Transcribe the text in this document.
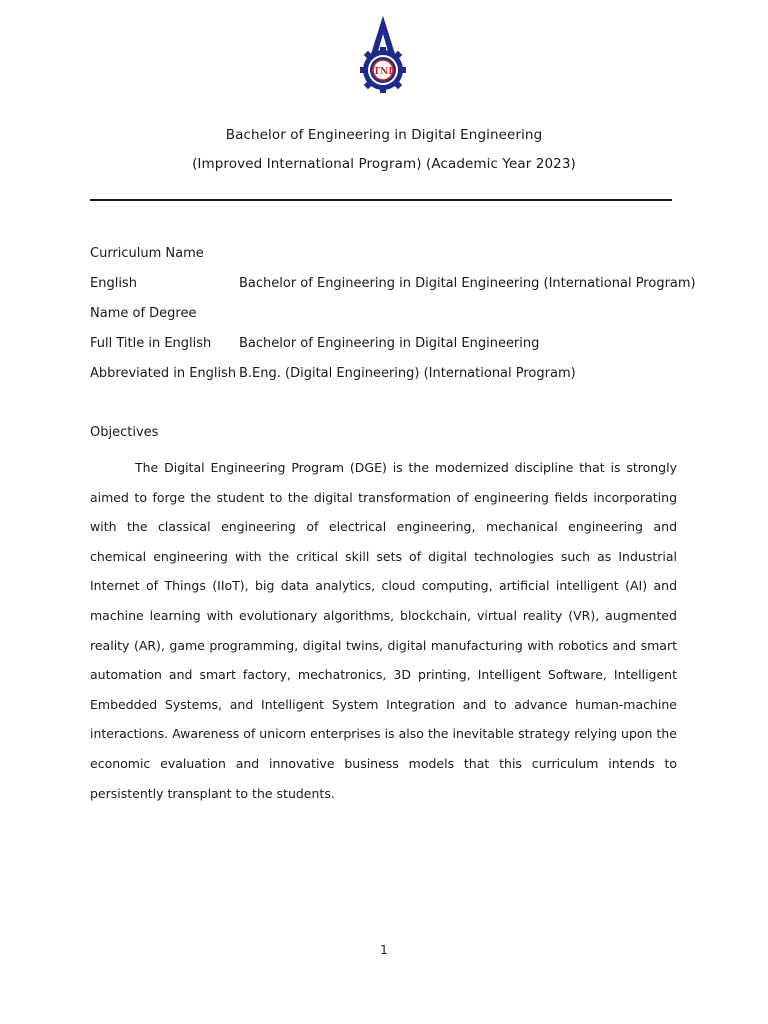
TNI
Bachelor of Engineering in Digital Engineering
(Improved International Program) (Academic Year 2023)
Curriculum Name
English	Bachelor of Engineering in Digital Engineering (International Program)
Name of Degree
Full Title in English Bachelor of Engineering in Digital Engineering
Abbreviated in English B.Eng. (Digital Engineering) (International Program)
Objectives

The Digital Engineering Program (DGE) is the modernized discipline that is strongly aimed to forge the student to the digital transformation of engineering fields incorporating with the classical engineering of electrical engineering, mechanical engineering and chemical engineering with the critical skill sets of digital technologies such as Industrial Internet of Things (IIoT), big data analytics, cloud computing, artificial intelligent (AI) and machine learning with evolutionary algorithms, blockchain, virtual reality (VR), augmented reality (AR), game programming, digital twins, digital manufacturing with robotics and smart automation and smart factory, mechatronics, 3D printing, Intelligent Software, Intelligent Embedded Systems, and Intelligent System Integration and to advance human-machine interactions. Awareness of unicorn enterprises is also the inevitable strategy relying upon the economic evaluation and innovative business models that this curriculum intends to persistently transplant to the students.

1
